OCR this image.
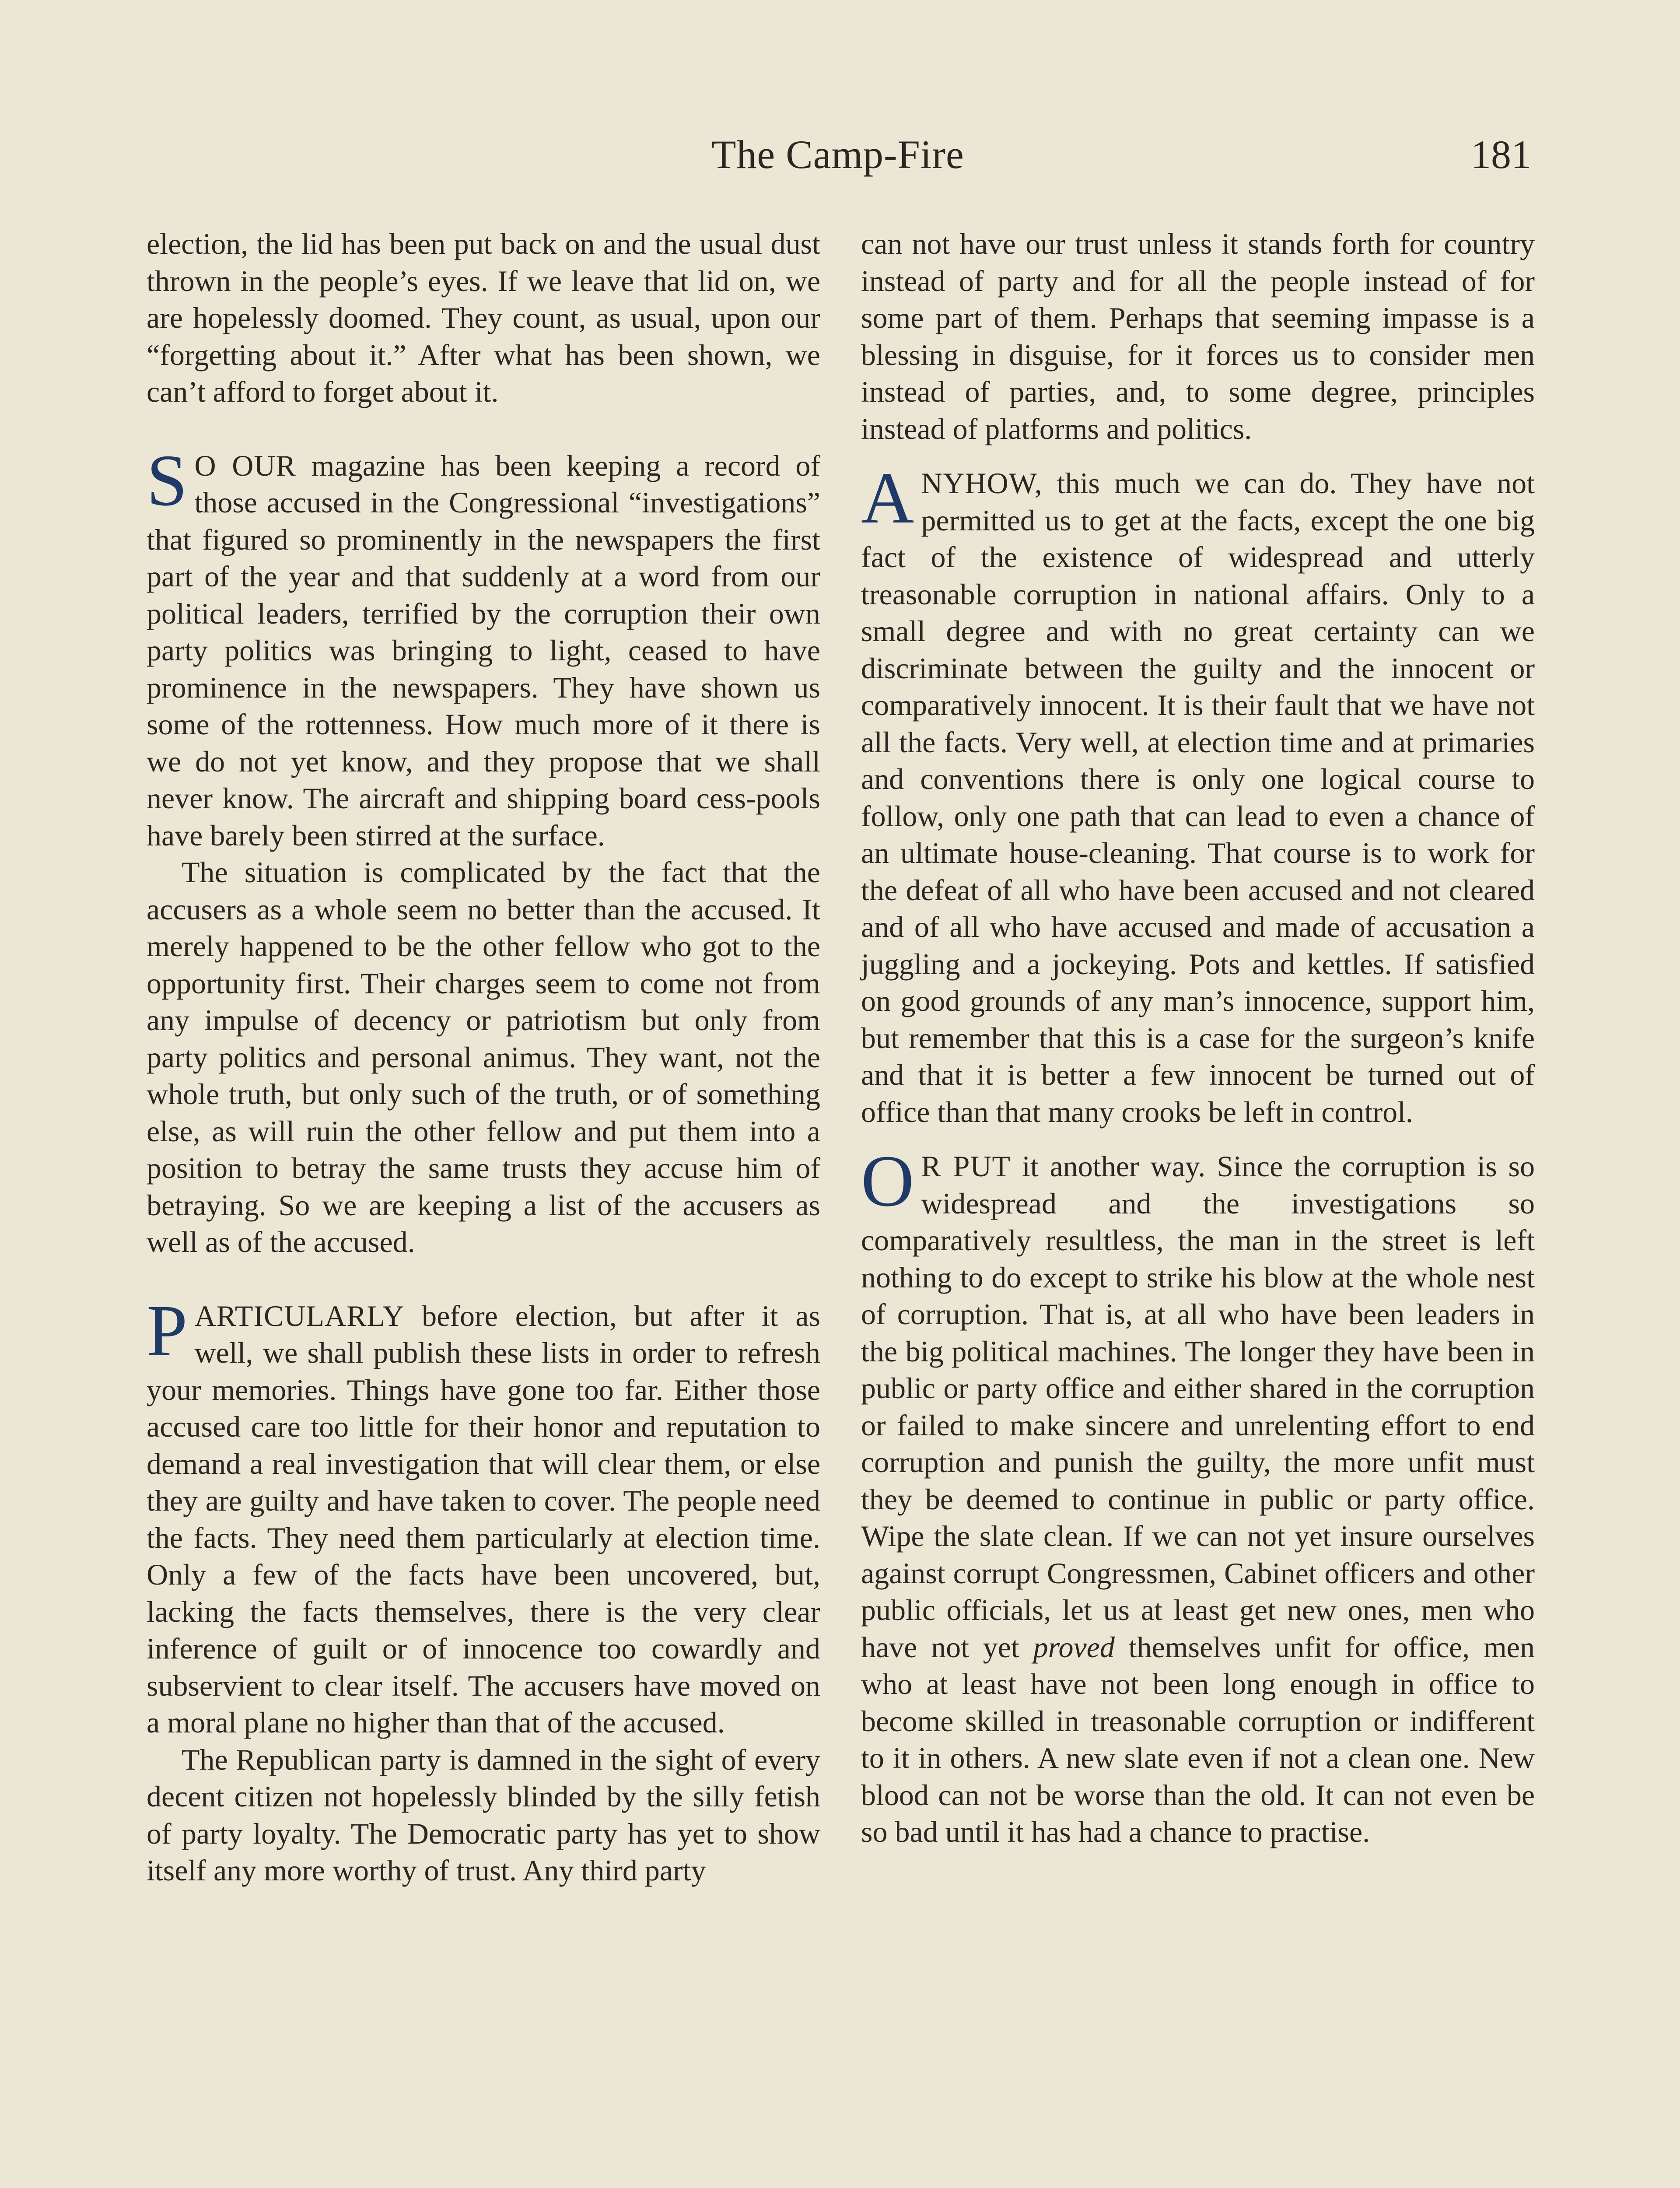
The Camp-Fire	181

election, the lid has been put back on and the usual dust thrown in the people’s eyes. If we leave that lid on, we are hopelessly doomed. They count, as usual, upon our “forgetting about it.” After what has been shown, we can’t afford to forget about it.

S O OUR magazine has been keeping a record of those accused in the Congressional “investigations” that figured so prominently in the newspapers the first part of the year and that suddenly at a word from our political leaders, terrified by the corruption their own party politics was bringing to light, ceased to have prominence in the newspapers. They have shown us some of the rottenness. How much more of it there is we do not yet know, and they propose that we shall never know. The aircraft and shipping board cess-pools have barely been stirred at the surface.

The situation is complicated by the fact that the accusers as a whole seem no better than the accused. It merely happened to be the other fellow who got to the opportunity first. Their charges seem to come not from any impulse of decency or patriotism but only from party politics and personal animus. They want, not the whole truth, but only such of the truth, or of something else, as will ruin the other fellow and put them into a position to betray the same trusts they accuse him of betraying. So we are keeping a list of the accusers as well as of the accused.

PARTICULARLY before election, but after it as well, we shall publish these lists in order to refresh your memories. Things have gone too far. Either those accused care too little for their honor and reputation to demand a real investigation that will clear them, or else they are guilty and have taken to cover. The people need the facts. They need them particularly at election time. Only a few of the facts have been uncovered, but, lacking the facts themselves, there is the very clear inference of guilt or of innocence too cowardly and subservient to clear itself. The accusers have moved on a moral plane no higher than that of the accused.

The Republican party is damned in the sight of every decent citizen not hopelessly blinded by the silly fetish of party loyalty. The Democratic party has yet to show itself any more worthy of trust. Any third party

can not have our trust unless it stands forth for country instead of party and for all the people instead of for some part of them. Perhaps that seeming impasse is a blessing in disguise, for it forces us to consider men instead of parties, and, to some degree, principles instead of platforms and politics.

ANYHOW, this much we can do. They have not permitted us to get at the facts, except the one big fact of the existence of widespread and utterly treasonable corruption in national affairs. Only to a small degree and with no great certainty can we discriminate between the guilty and the innocent or comparatively innocent. It is their fault that we have not all the facts. Very well, at election time and at primaries and conventions there is only one logical course to follow, only one path that can lead to even a chance of an ultimate house-cleaning. That course is to work for the defeat of all who have been accused and not cleared and of all who have accused and made of accusation a juggling and a jockeying. Pots and kettles. If satisfied on good grounds of any man’s innocence, support him, but remember that this is a case for the surgeon’s knife and that it is better a few innocent be turned out of office than that many crooks be left in control.

O R PUT it another way. Since the corruption is so widespread and the investigations so comparatively resultless, the man in the street is left nothing to do except to strike his blow at the whole nest of corruption. That is, at all who have been leaders in the big political machines. The longer they have been in public or party office and either shared in the corruption or failed to make sincere and unrelenting effort to end corruption and punish the guilty, the more unfit must they be deemed to continue in public or party office. Wipe the slate clean. If we can not yet insure ourselves against corrupt Congressmen, Cabinet officers and other public officials, let us at least get new ones, men who have not yet proved themselves unfit for office, men who at least have not been long enough in office to become skilled in treasonable corruption or indifferent to it in others. A new slate even if not a clean one. New blood can not be worse than the old. It can not even be so bad until it has had a chance to practise.
